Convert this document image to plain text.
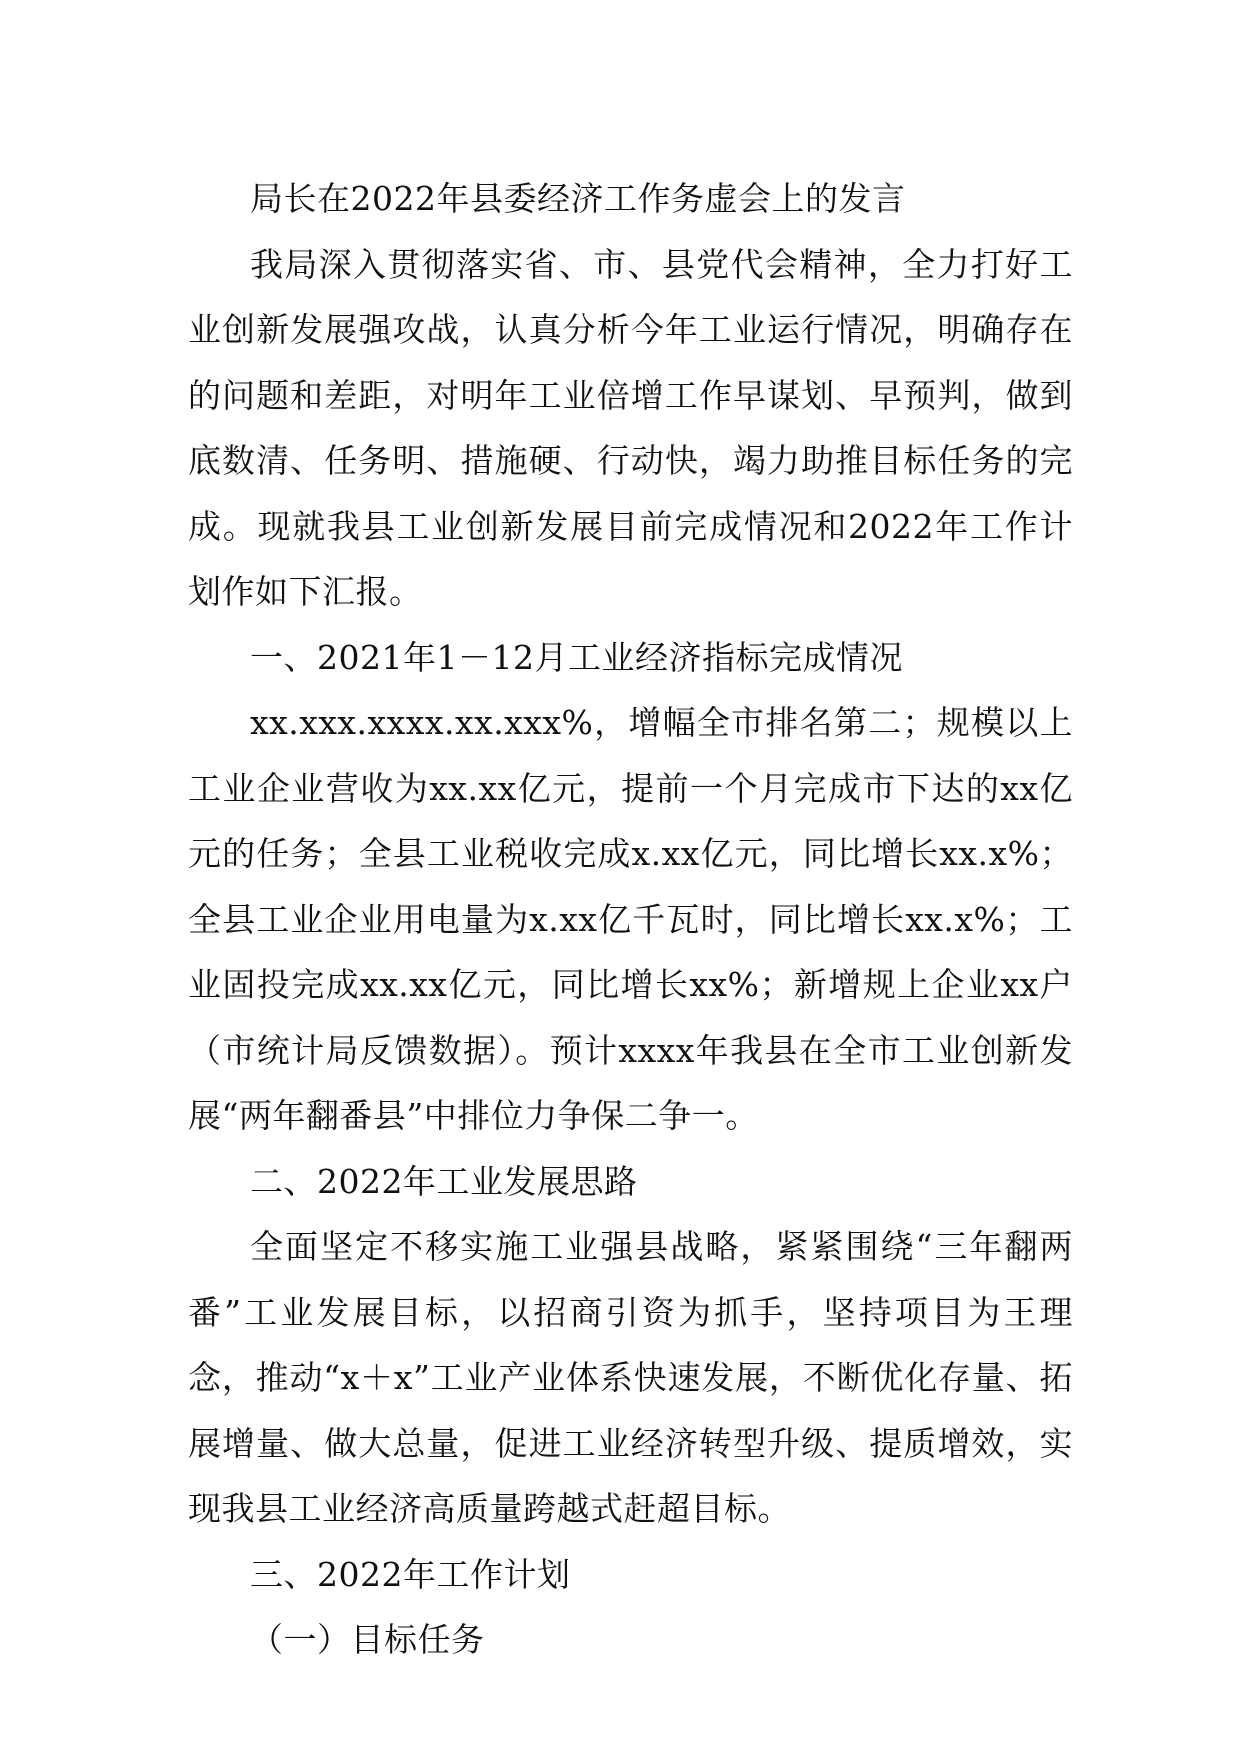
局长在2022年县委经济工作务虚会上的发言

我局深入贯彻落实省、市、县党代会精神，全力打好工业创新发展强攻战，认真分析今年工业运行情况，明确存在的问题和差距，对明年工业倍增工作早谋划、早预判，做到底数清、任务明、措施硬、行动快，竭力助推目标任务的完成。现就我县工业创新发展目前完成情况和2022年工作计划作如下汇报。

一、2021年1－12月工业经济指标完成情况

xx.xxx.xxxx.xx.xxx%，增幅全市排名第二；规模以上工业企业营收为xx.xx亿元，提前一个月完成市下达的xx亿元的任务；全县工业税收完成x.xx亿元，同比增长xx.x%；全县工业企业用电量为x.xx亿千瓦时，同比增长xx.x%；工业固投完成xx.xx亿元，同比增长xx%；新增规上企业xx户（市统计局反馈数据）。预计xxxx年我县在全市工业创新发展“两年翻番县”中排位力争保二争一。

二、2022年工业发展思路

全面坚定不移实施工业强县战略，紧紧围绕“三年翻两番”工业发展目标，以招商引资为抓手，坚持项目为王理念，推动“x＋x”工业产业体系快速发展，不断优化存量、拓展增量、做大总量，促进工业经济转型升级、提质增效，实现我县工业经济高质量跨越式赶超目标。

三、2022年工作计划

（一）目标任务
